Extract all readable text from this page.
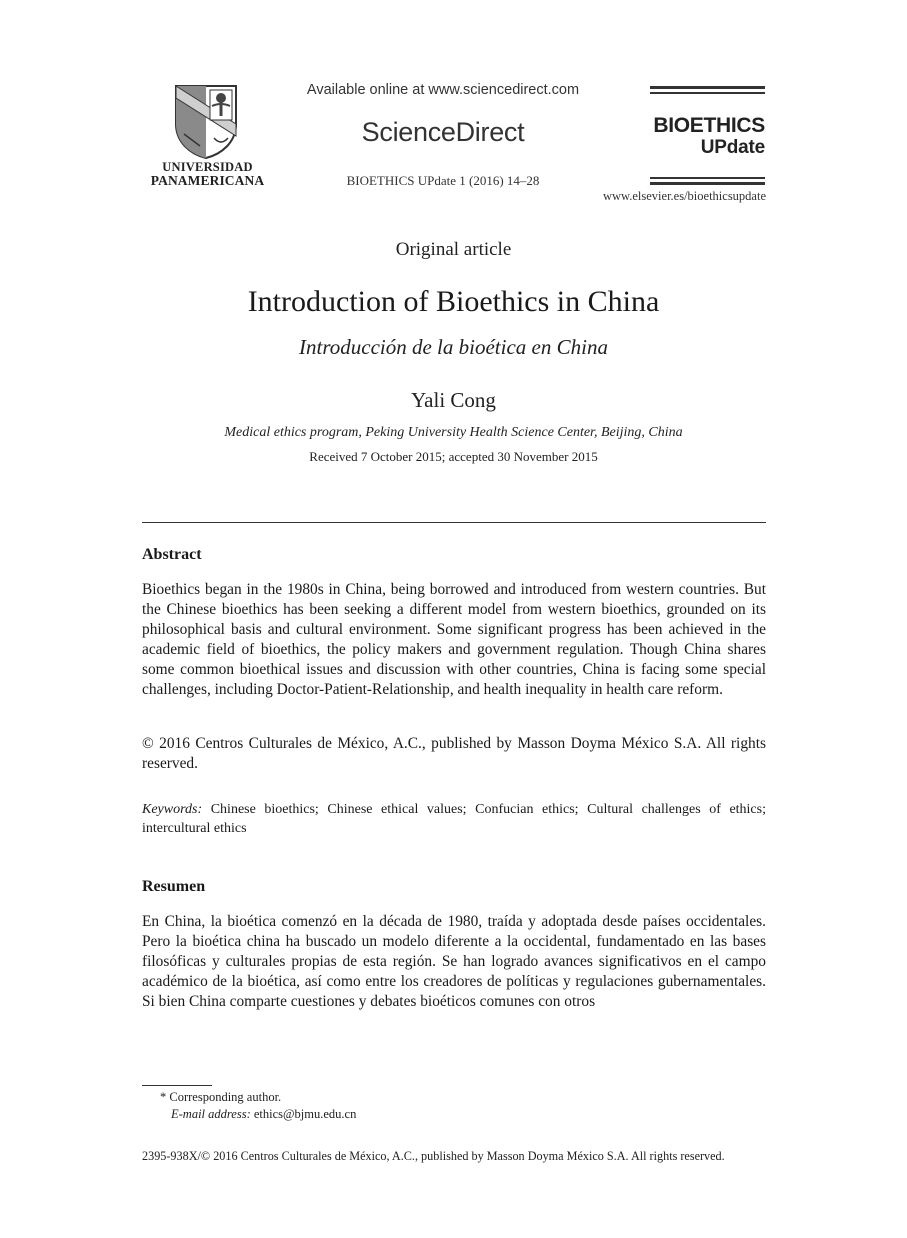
UNIVERSIDAD
PANAMERICANA
Available online at www.sciencedirect.com
ScienceDirect
BIOETHICS UPdate 1 (2016) 14–28
BIOETHICS
UPdate
www.elsevier.es/bioethicsupdate
Original article
Introduction of Bioethics in China
Introducción de la bioética en China
Yali Cong
Medical ethics program, Peking University Health Science Center, Beijing, China
Received 7 October 2015; accepted 30 November 2015
Abstract
Bioethics began in the 1980s in China, being borrowed and introduced from western countries. But the Chinese bioethics has been seeking a different model from western bioethics, grounded on its philosophical basis and cultural environment. Some significant progress has been achieved in the academic field of bioethics, the policy makers and government regulation. Though China shares some common bioethical issues and discussion with other countries, China is facing some special challenges, including Doctor-Patient-Relationship, and health inequality in health care reform.
© 2016 Centros Culturales de México, A.C., published by Masson Doyma México S.A. All rights reserved.
Keywords: Chinese bioethics; Chinese ethical values; Confucian ethics; Cultural challenges of ethics; intercultural ethics
Resumen
En China, la bioética comenzó en la década de 1980, traída y adoptada desde países occidentales. Pero la bioética china ha buscado un modelo diferente a la occidental, fundamentado en las bases filosóficas y culturales propias de esta región. Se han logrado avances significativos en el campo académico de la bioética, así como entre los creadores de políticas y regulaciones gubernamentales. Si bien China comparte cuestiones y debates bioéticos comunes con otros
* Corresponding author.
E-mail address: ethics@bjmu.edu.cn
2395-938X/© 2016 Centros Culturales de México, A.C., published by Masson Doyma México S.A. All rights reserved.
